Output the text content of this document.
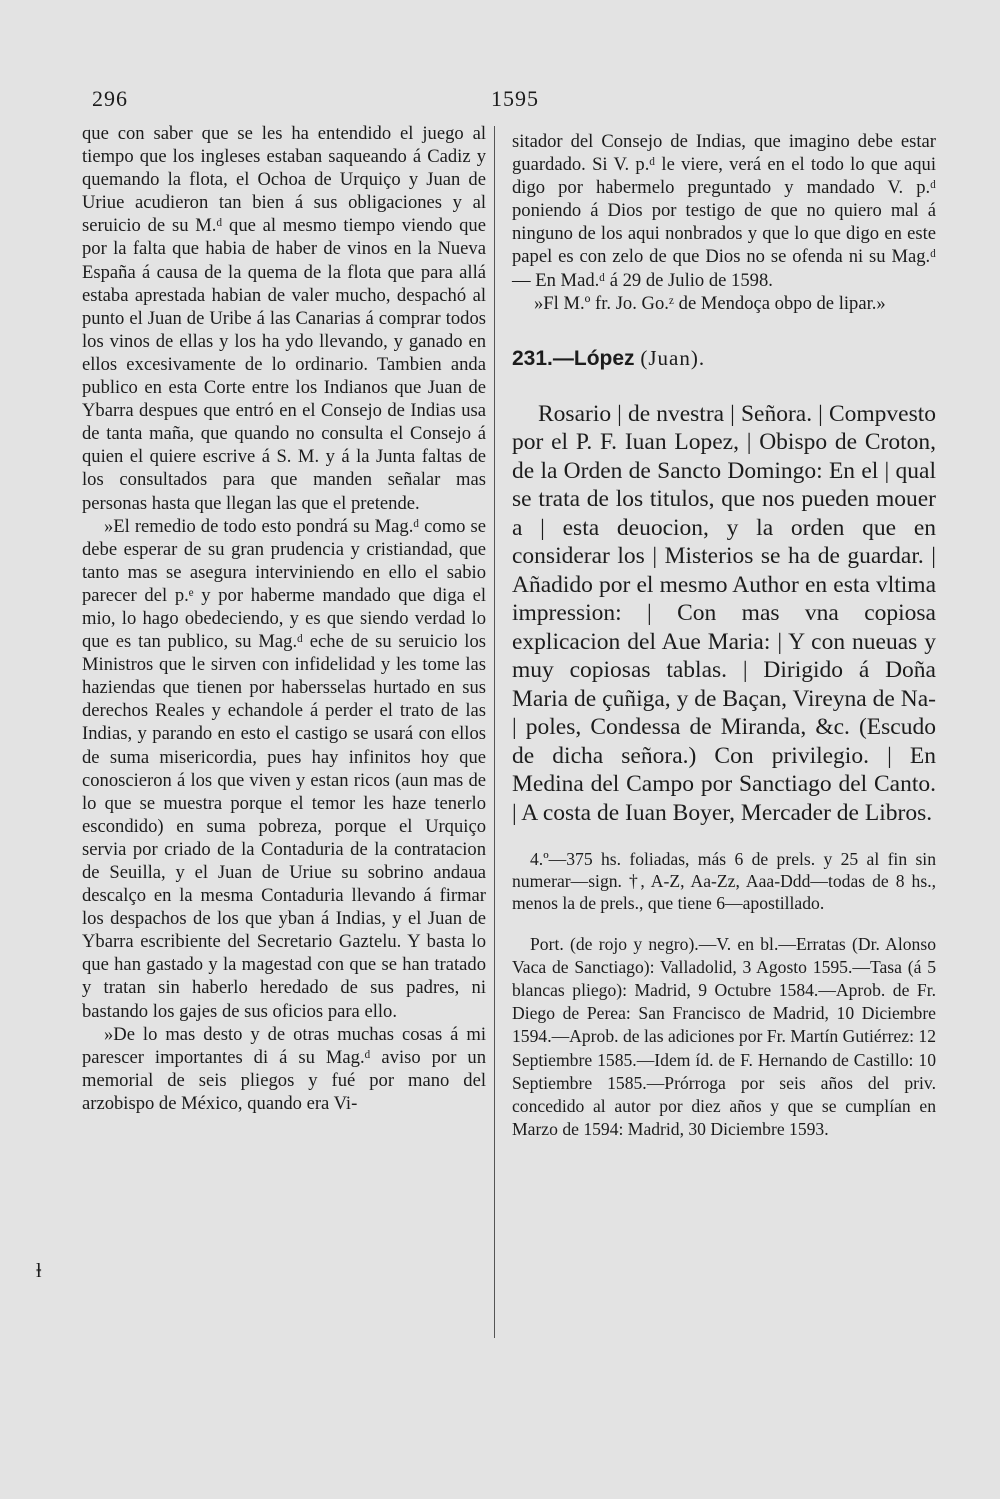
296	1595

que con saber que se les ha entendido el juego al tiempo que los ingleses estaban saqueando á Cadiz y quemando la flota, el Ochoa de Urquiço y Juan de Uriue acudieron tan bien á sus obligaciones y al seruicio de su M.ᵈ que al mesmo tiempo viendo que por la falta que habia de haber de vinos en la Nueva España á causa de la quema de la flota que para allá estaba aprestada habian de valer mucho, despachó al punto el Juan de Uribe á las Canarias á comprar todos los vinos de ellas y los ha ydo llevando, y ganado en ellos excesivamente de lo ordinario. Tambien anda publico en esta Corte entre los Indianos que Juan de Ybarra despues que entró en el Consejo de Indias usa de tanta maña, que quando no consulta el Consejo á quien el quiere escrive á S. M. y á la Junta faltas de los consultados para que manden señalar mas personas hasta que llegan las que el pretende.

»El remedio de todo esto pondrá su Mag.ᵈ como se debe esperar de su gran prudencia y cristiandad, que tanto mas se asegura interviniendo en ello el sabio parecer del p.ᵉ y por haberme mandado que diga el mio, lo hago obedeciendo, y es que siendo verdad lo que es tan publico, su Mag.ᵈ eche de su seruicio los Ministros que le sirven con infidelidad y les tome las haziendas que tienen por habersselas hurtado en sus derechos Reales y echandole á perder el trato de las Indias, y parando en esto el castigo se usará con ellos de suma misericordia, pues hay infinitos hoy que conoscieron á los que viven y estan ricos (aun mas de lo que se muestra porque el temor les haze tenerlo escondido) en suma pobreza, porque el Urquiço servia por criado de la Contaduria de la contratacion de Seuilla, y el Juan de Uriue su sobrino andaua descalço en la mesma Contaduria llevando á firmar los despachos de los que yban á Indias, y el Juan de Ybarra escribiente del Secretario Gaztelu. Y basta lo que han gastado y la magestad con que se han tratado y tratan sin haberlo heredado de sus padres, ni bastando los gajes de sus oficios para ello.

»De lo mas desto y de otras muchas cosas á mi parescer importantes di á su Mag.ᵈ aviso por un memorial de seis pliegos y fué por mano del arzobispo de México, quando era Vi-

ⱡ

sitador del Consejo de Indias, que imagino debe estar guardado. Si V. p.ᵈ le viere, verá en el todo lo que aqui digo por habermelo preguntado y mandado V. p.ᵈ poniendo á Dios por testigo de que no quiero mal á ninguno de los aqui nonbrados y que lo que digo en este papel es con zelo de que Dios no se ofenda ni su Mag.ᵈ — En Mad.ᵈ á 29 de Julio de 1598.

»Fl M.º fr. Jo. Go.ᶻ de Mendoça obpo de lipar.»

231.—López (Juan).

Rosario | de nvestra | Señora. | Compvesto por el P. F. Iuan Lopez, | Obispo de Croton, de la Orden de Sancto Domingo: En el | qual se trata de los titulos, que nos pueden mouer a | esta deuocion, y la orden que en considerar los | Misterios se ha de guardar. | Añadido por el mesmo Author en esta vltima impression: | Con mas vna copiosa explicacion del Aue Maria: | Y con nueuas y muy copiosas tablas. | Dirigido á Doña Maria de çuñiga, y de Baçan, Vireyna de Na- | poles, Condessa de Miranda, &c. (Escudo de dicha señora.) Con privilegio. | En Medina del Campo por Sanctiago del Canto. | A costa de Iuan Boyer, Mercader de Libros.

4.º—375 hs. foliadas, más 6 de prels. y 25 al fin sin numerar—sign. †, A-Z, Aa-Zz, Aaa-Ddd—todas de 8 hs., menos la de prels., que tiene 6—apostillado.

Port. (de rojo y negro).—V. en bl.—Erratas (Dr. Alonso Vaca de Sanctiago): Valladolid, 3 Agosto 1595.—Tasa (á 5 blancas pliego): Madrid, 9 Octubre 1584.—Aprob. de Fr. Diego de Perea: San Francisco de Madrid, 10 Diciembre 1594.—Aprob. de las adiciones por Fr. Martín Gutiérrez: 12 Septiembre 1585.—Idem íd. de F. Hernando de Castillo: 10 Septiembre 1585.—Prórroga por seis años del priv. concedido al autor por diez años y que se cumplían en Marzo de 1594: Madrid, 30 Diciembre 1593.
